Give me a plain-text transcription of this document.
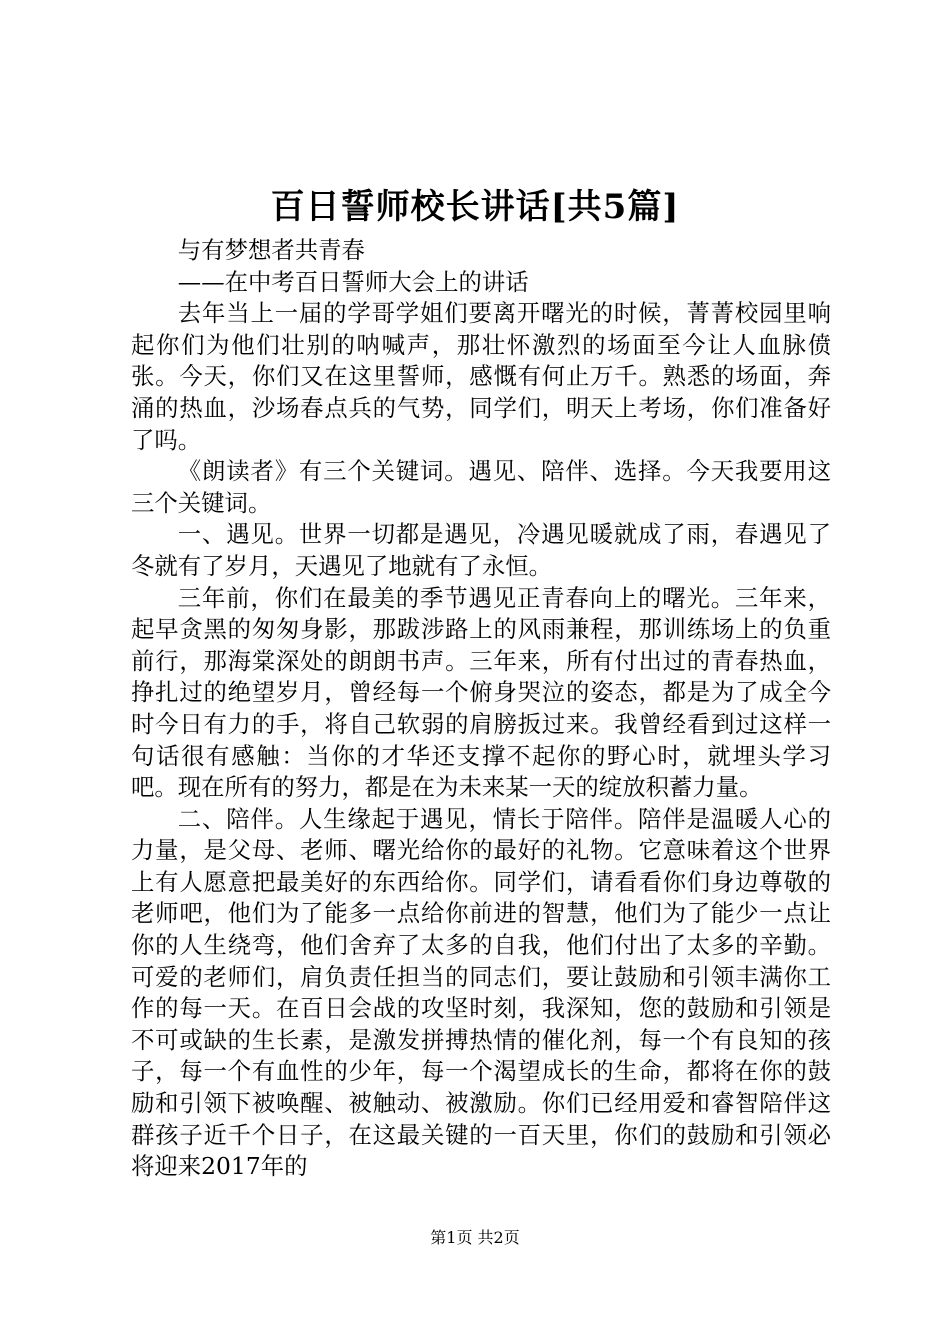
百日誓师校长讲话[共5篇]

与有梦想者共青春

——在中考百日誓师大会上的讲话

去年当上一届的学哥学姐们要离开曙光的时候，菁菁校园里响起你们为他们壮别的呐喊声，那壮怀激烈的场面至今让人血脉偾张。今天，你们又在这里誓师，感慨有何止万千。熟悉的场面，奔涌的热血，沙场春点兵的气势，同学们，明天上考场，你们准备好了吗。

《朗读者》有三个关键词。遇见、陪伴、选择。今天我要用这三个关键词。

一、遇见。世界一切都是遇见，冷遇见暖就成了雨，春遇见了冬就有了岁月，天遇见了地就有了永恒。

三年前，你们在最美的季节遇见正青春向上的曙光。三年来，起早贪黑的匆匆身影，那跋涉路上的风雨兼程，那训练场上的负重前行，那海棠深处的朗朗书声。三年来，所有付出过的青春热血，挣扎过的绝望岁月，曾经每一个俯身哭泣的姿态，都是为了成全今时今日有力的手，将自己软弱的肩膀扳过来。我曾经看到过这样一句话很有感触：当你的才华还支撑不起你的野心时，就埋头学习吧。现在所有的努力，都是在为未来某一天的绽放积蓄力量。

二、陪伴。人生缘起于遇见，情长于陪伴。陪伴是温暖人心的力量，是父母、老师、曙光给你的最好的礼物。它意味着这个世界上有人愿意把最美好的东西给你。同学们，请看看你们身边尊敬的老师吧，他们为了能多一点给你前进的智慧，他们为了能少一点让你的人生绕弯，他们舍弃了太多的自我，他们付出了太多的辛勤。可爱的老师们，肩负责任担当的同志们，要让鼓励和引领丰满你工作的每一天。在百日会战的攻坚时刻，我深知，您的鼓励和引领是不可或缺的生长素，是激发拼搏热情的催化剂，每一个有良知的孩子，每一个有血性的少年，每一个渴望成长的生命，都将在你的鼓励和引领下被唤醒、被触动、被激励。你们已经用爱和睿智陪伴这群孩子近千个日子，在这最关键的一百天里，你们的鼓励和引领必将迎来2017年的

第1页 共2页
